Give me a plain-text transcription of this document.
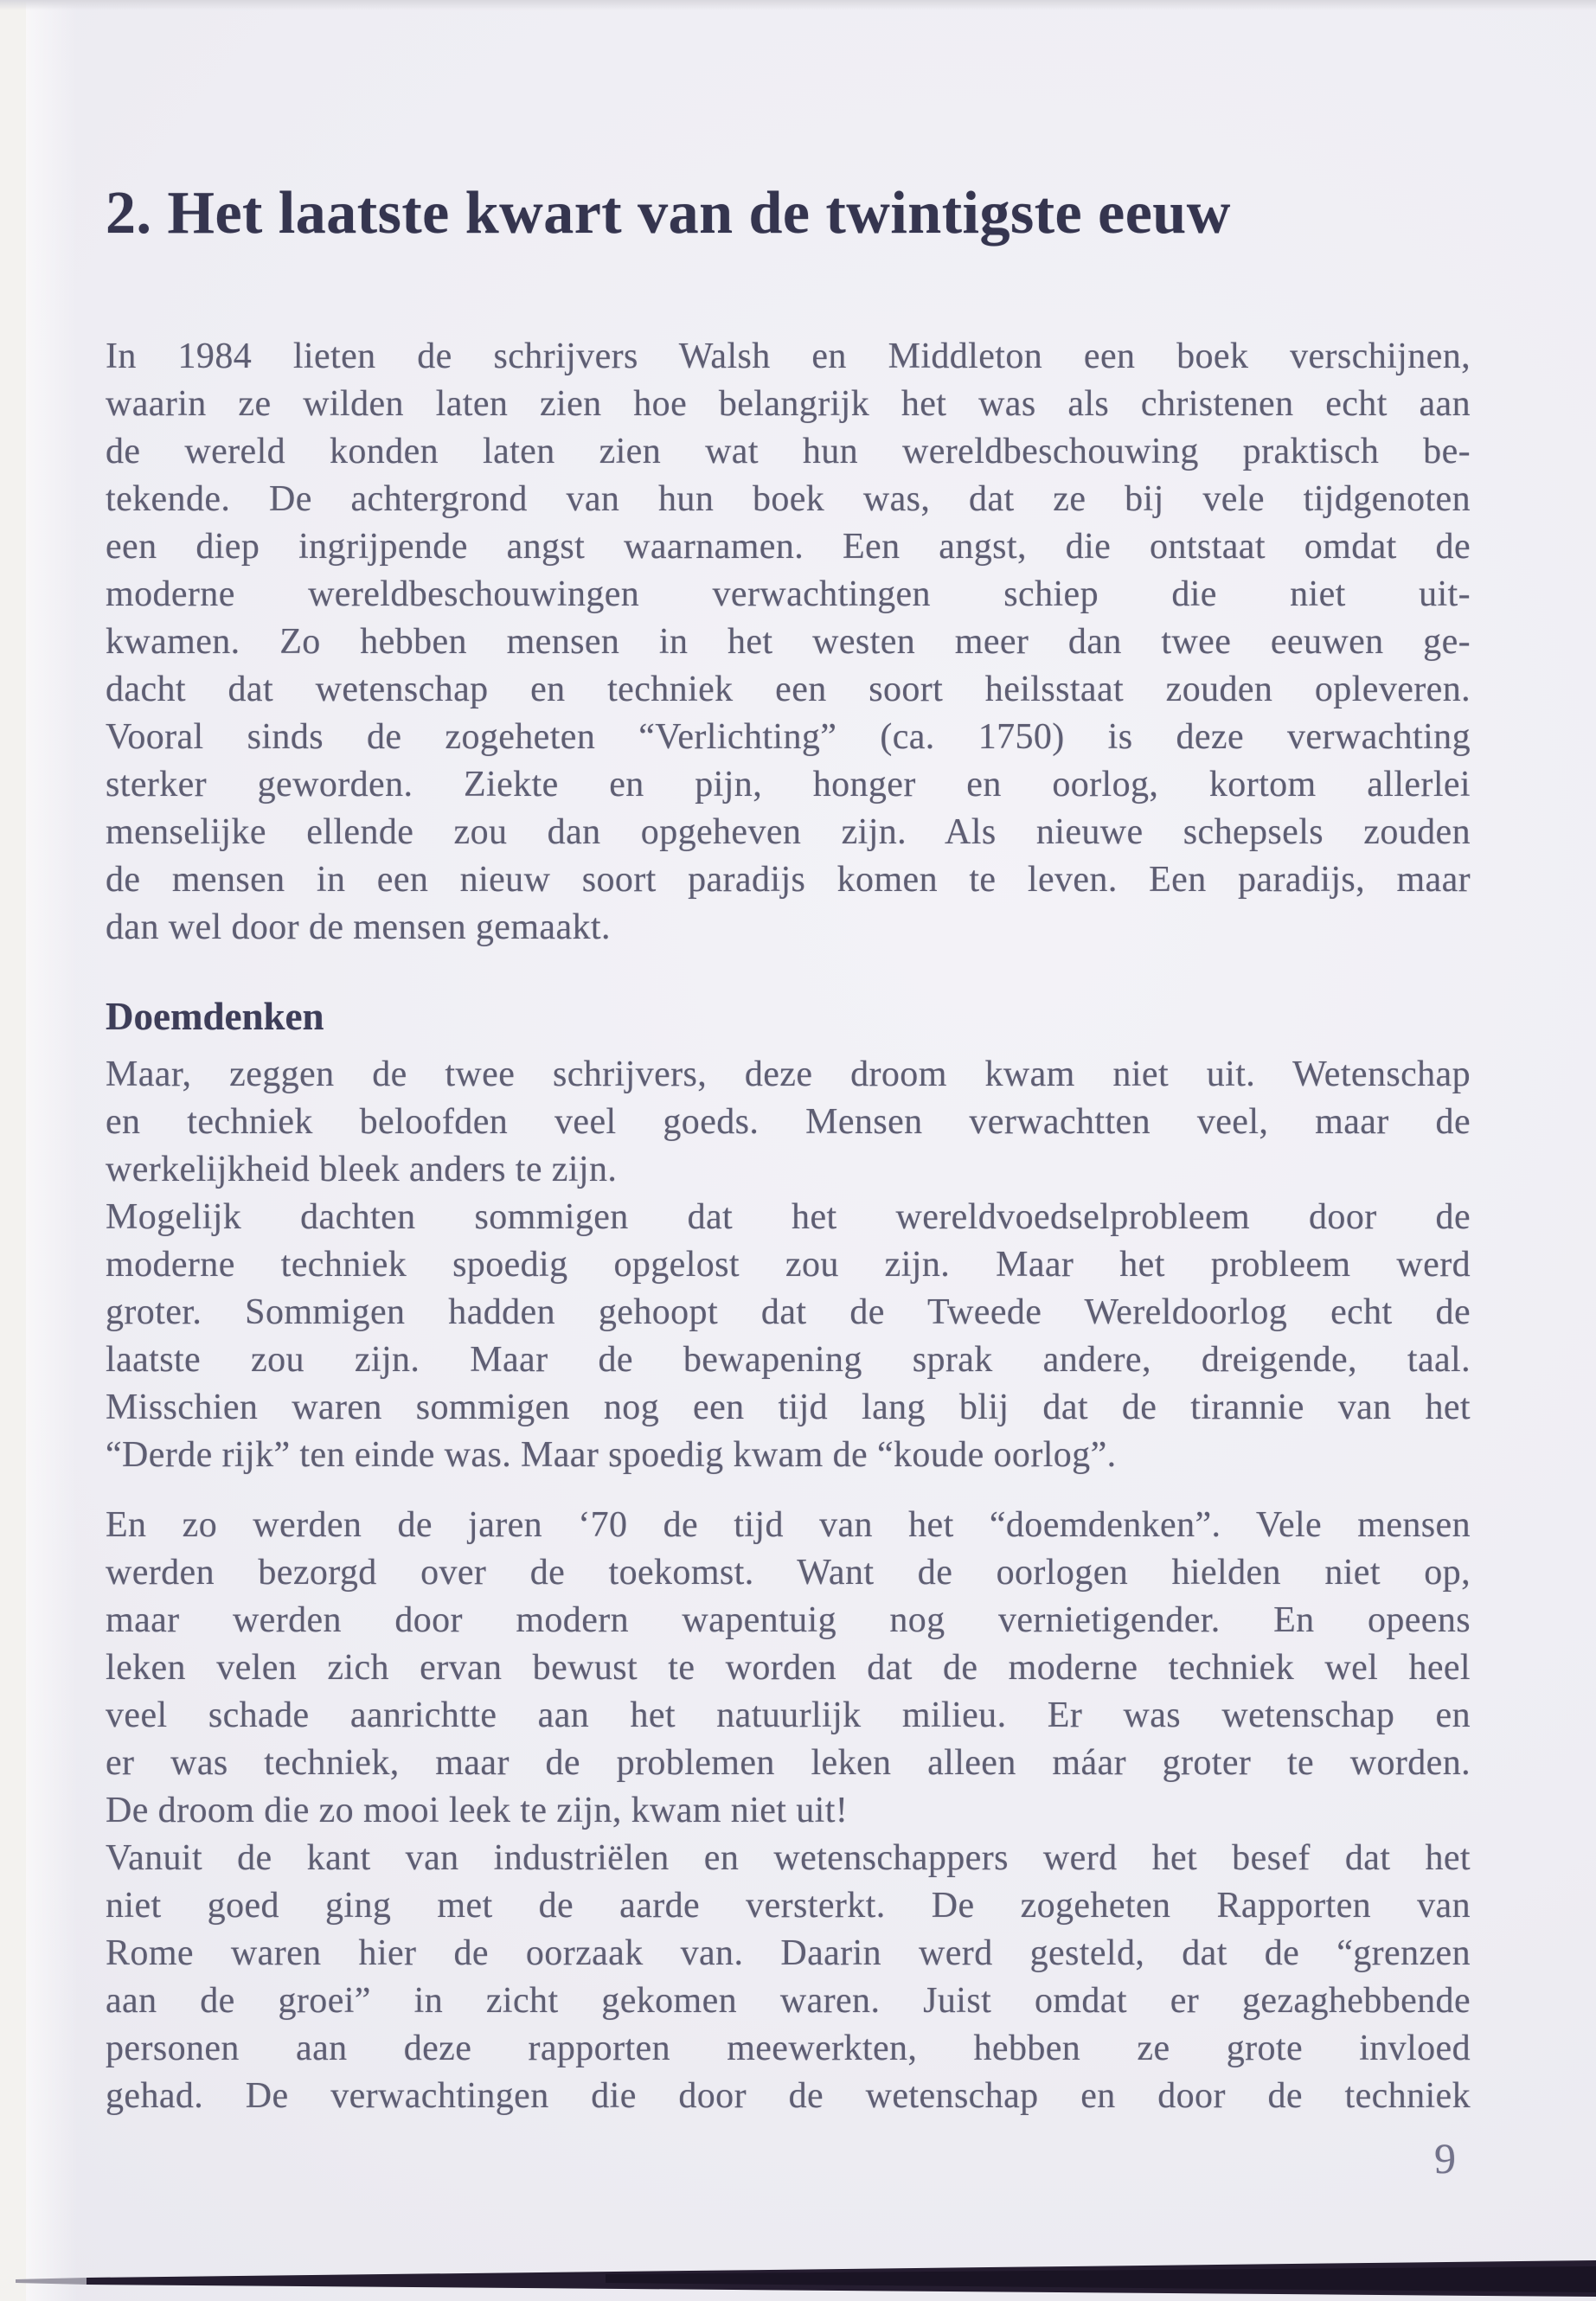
2. Het laatste kwart van de twintigste eeuw
In 1984 lieten de schrijvers Walsh en Middleton een boek verschijnen,
waarin ze wilden laten zien hoe belangrijk het was als christenen echt aan
de wereld konden laten zien wat hun wereldbeschouwing praktisch be-
tekende. De achtergrond van hun boek was, dat ze bij vele tijdgenoten
een diep ingrijpende angst waarnamen. Een angst, die ontstaat omdat de
moderne wereldbeschouwingen verwachtingen schiep die niet uit-
kwamen. Zo hebben mensen in het westen meer dan twee eeuwen ge-
dacht dat wetenschap en techniek een soort heilsstaat zouden opleveren.
Vooral sinds de zogeheten “Verlichting” (ca. 1750) is deze verwachting
sterker geworden. Ziekte en pijn, honger en oorlog, kortom allerlei
menselijke ellende zou dan opgeheven zijn. Als nieuwe schepsels zouden
de mensen in een nieuw soort paradijs komen te leven. Een paradijs, maar
dan wel door de mensen gemaakt.
Doemdenken
Maar, zeggen de twee schrijvers, deze droom kwam niet uit. Wetenschap
en techniek beloofden veel goeds. Mensen verwachtten veel, maar de
werkelijkheid bleek anders te zijn.
Mogelijk dachten sommigen dat het wereldvoedselprobleem door de
moderne techniek spoedig opgelost zou zijn. Maar het probleem werd
groter. Sommigen hadden gehoopt dat de Tweede Wereldoorlog echt de
laatste zou zijn. Maar de bewapening sprak andere, dreigende, taal.
Misschien waren sommigen nog een tijd lang blij dat de tirannie van het
“Derde rijk” ten einde was. Maar spoedig kwam de “koude oorlog”.
En zo werden de jaren ‘70 de tijd van het “doemdenken”. Vele mensen
werden bezorgd over de toekomst. Want de oorlogen hielden niet op,
maar werden door modern wapentuig nog vernietigender. En opeens
leken velen zich ervan bewust te worden dat de moderne techniek wel heel
veel schade aanrichtte aan het natuurlijk milieu. Er was wetenschap en
er was techniek, maar de problemen leken alleen máar groter te worden.
De droom die zo mooi leek te zijn, kwam niet uit!
Vanuit de kant van industriëlen en wetenschappers werd het besef dat het
niet goed ging met de aarde versterkt. De zogeheten Rapporten van
Rome waren hier de oorzaak van. Daarin werd gesteld, dat de “grenzen
aan de groei” in zicht gekomen waren. Juist omdat er gezaghebbende
personen aan deze rapporten meewerkten, hebben ze grote invloed
gehad. De verwachtingen die door de wetenschap en door de techniek
9
